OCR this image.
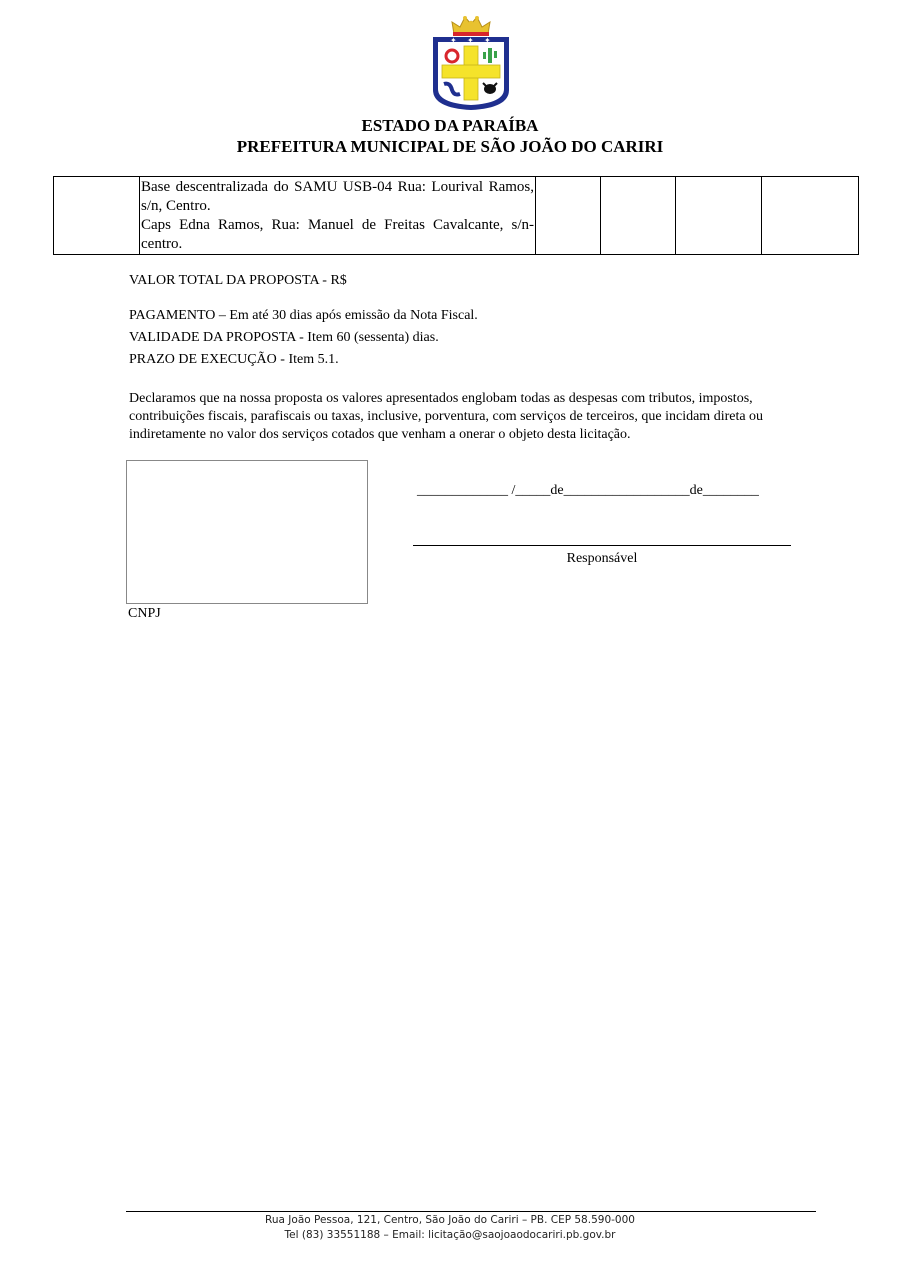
✦ ✦ ✦
ESTADO DA PARAÍBA
PREFEITURA MUNICIPAL DE SÃO JOÃO DO CARIRI

Base descentralizada do SAMU USB-04 Rua: Lourival Ramos, s/n, Centro.

Caps Edna Ramos, Rua: Manuel de Freitas Cavalcante, s/n- centro.

VALOR TOTAL DA PROPOSTA - R$
PAGAMENTO – Em até 30 dias após emissão da Nota Fiscal.
VALIDADE DA PROPOSTA - Item 60 (sessenta) dias.
PRAZO DE EXECUÇÃO - Item 5.1.
Declaramos que na nossa proposta os valores apresentados englobam todas as despesas com tributos, impostos, contribuições fiscais, parafiscais ou taxas, inclusive, porventura, com serviços de terceiros, que incidam direta ou indiretamente no valor dos serviços cotados que venham a onerar o objeto desta licitação.
CNPJ
_____________ /_____de__________________de________
Responsável
Rua João Pessoa, 121, Centro, São João do Cariri – PB. CEP 58.590-000
Tel (83) 33551188 – Email: licitação@saojoaodocariri.pb.gov.br
